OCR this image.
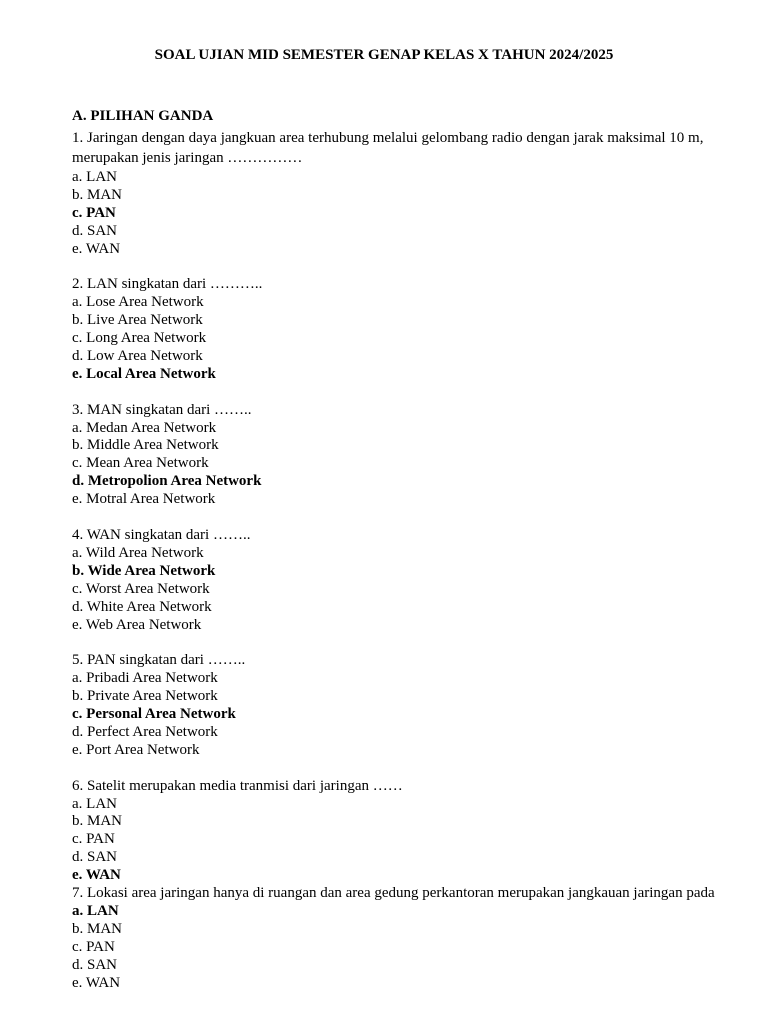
SOAL UJIAN MID SEMESTER GENAP KELAS X TAHUN 2024/2025
A. PILIHAN GANDA

1. Jaringan dengan daya jangkuan area terhubung melalui gelombang radio dengan jarak maksimal 10 m, merupakan jenis jaringan ……………

a. LAN
b. MAN
c. PAN
d. SAN
e. WAN

2. LAN singkatan dari ………..

a. Lose Area Network
b. Live Area Network
c. Long Area Network
d. Low Area Network
e. Local Area Network

3. MAN singkatan dari ……..

a. Medan Area Network
b. Middle Area Network
c. Mean Area Network
d. Metropolion Area Network
e. Motral Area Network

4. WAN singkatan dari ……..

a. Wild Area Network
b. Wide Area Network
c. Worst Area Network
d. White Area Network
e. Web Area Network

5. PAN singkatan dari ……..

a. Pribadi Area Network
b. Private Area Network
c. Personal Area Network
d. Perfect Area Network
e. Port Area Network

6. Satelit merupakan media tranmisi dari jaringan ……

a. LAN
b. MAN
c. PAN
d. SAN
e. WAN

7. Lokasi area jaringan hanya di ruangan dan area gedung perkantoran merupakan jangkauan jaringan pada

a. LAN
b. MAN
c. PAN
d. SAN
e. WAN
